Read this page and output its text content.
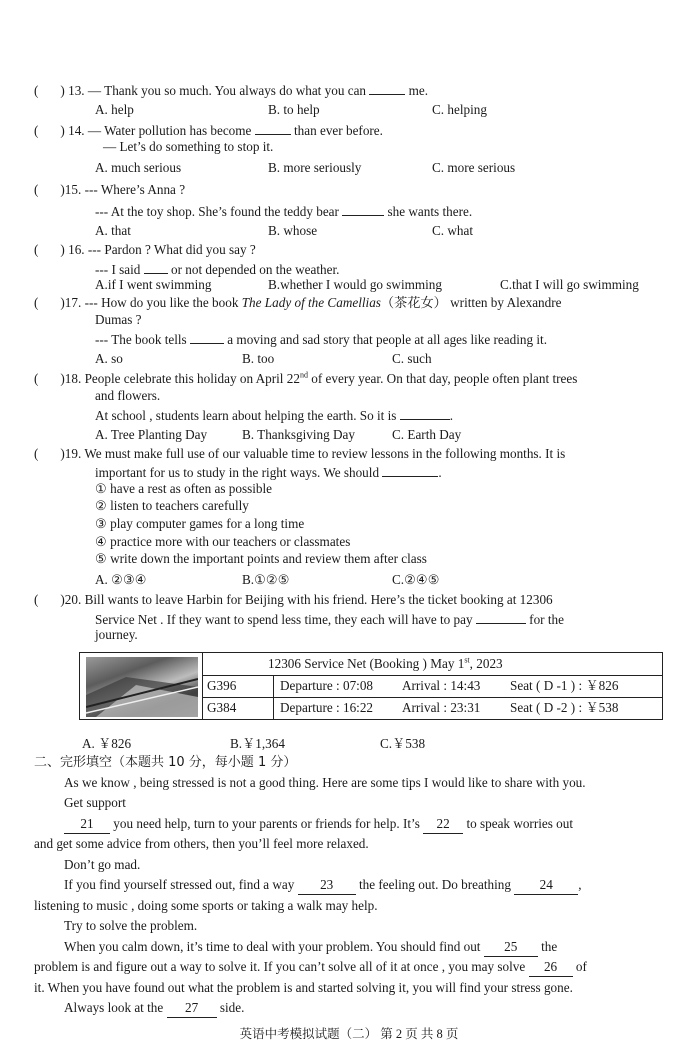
( ) 13. — Thank you so much. You always do what you can	me.
A. help	B. to help	C. helping
( ) 14. — Water pollution has become	than ever before.
— Let’s do something to stop it.
A. much serious	B. more seriously	C. more serious
( )15. --- Where’s Anna ?
--- At the toy shop. She’s found the teddy bear	she wants there.
A. that	B. whose	C. what
( ) 16. --- Pardon ? What did you say ?
--- I said or not depended on the weather.
A.if I went swimming	B.whether I would go swimming	C.that I will go swimming
( )17. --- How do you like the book The Lady of the Camellias（茶花女） written by Alexandre
Dumas ?
--- The book tells	a moving and sad story that people at all ages like reading it.
A. so	B. too	C. such
( )18. People celebrate this holiday on April 22nd of every year. On that day, people often plant trees
and flowers.
At school , students learn about helping the earth. So it is	.
A. Tree Planting Day	B. Thanksgiving Day	C. Earth Day
( )19. We must make full use of our valuable time to review lessons in the following months. It is
important for us to study in the right ways. We should	.
① have a rest as often as possible
② listen to teachers carefully
③ play computer games for a long time
④ practice more with our teachers or classmates
⑤ write down the important points and review them after class
A. ②③④	B.①②⑤	C.②④⑤
( )20. Bill wants to leave Harbin for Beijing with his friend. Here’s the ticket booking at 12306
Service Net . If they want to spend less time, they each will have to pay	for the
journey.
12306 Service Net (Booking ) May 1st, 2023
G396	Departure : 07:08 Arrival : 14:43 Seat ( D -1 ) : ￥826
G384	Departure : 16:22 Arrival : 23:31 Seat ( D -2 ) : ￥538
A. ￥826	B.￥1,364	C.￥538
二、完形填空（本题共 10 分，每小题 1 分）
As we know , being stressed is not a good thing. Here are some tips I would like to share with you.
Get support
21 you need help, turn to your parents or friends for help. It’s 22 to speak worries out
and get some advice from others, then you’ll feel more relaxed.
Don’t go mad.
If you find yourself stressed out, find a way 23 the feeling out. Do breathing 24 ,
listening to music , doing some sports or taking a walk may help.
Try to solve the problem.
When you calm down, it’s time to deal with your problem. You should find out 25 the
problem is and figure out a way to solve it. If you can’t solve all of it at once , you may solve 26 of
it. When you have found out what the problem is and started solving it, you will find your stress gone.
Always look at the 27 side.
英语中考模拟试题（二） 第 2 页 共 8 页
